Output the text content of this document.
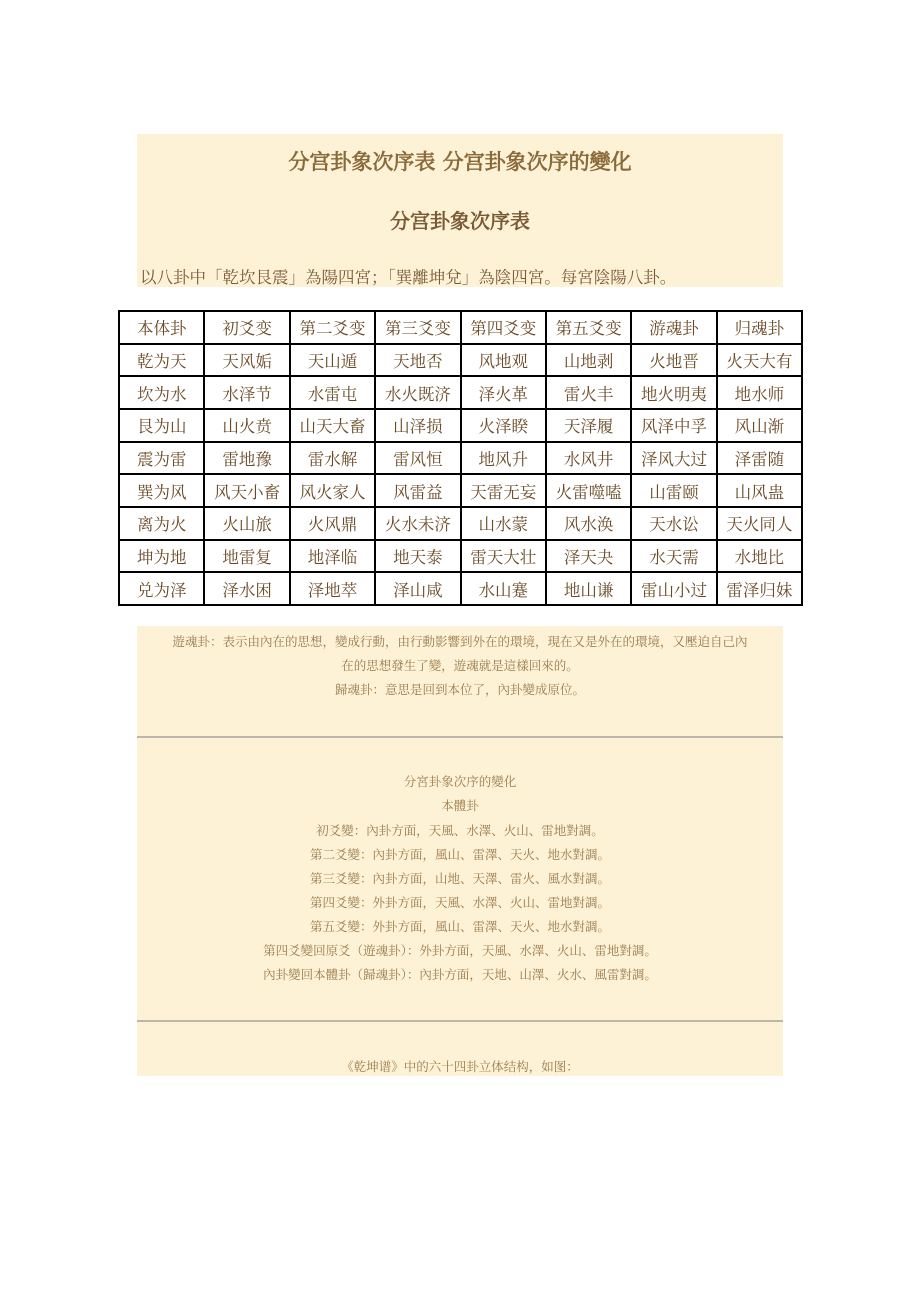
分宫卦象次序表 分宫卦象次序的變化
分宫卦象次序表

以八卦中「乾坎艮震」為陽四宮；「巽離坤兌」為陰四宮。每宮陰陽八卦。

本体卦	初爻变	第二爻变	第三爻变	第四爻变	第五爻变	游魂卦	归魂卦
乾为天	天风姤	天山遁	天地否	风地观	山地剥	火地晋	火天大有
坎为水	水泽节	水雷屯	水火既济	泽火革	雷火丰	地火明夷	地水师
艮为山	山火贲	山天大畜	山泽损	火泽睽	天泽履	风泽中孚	风山渐
震为雷	雷地豫	雷水解	雷风恒	地风升	水风井	泽风大过	泽雷随
巽为风	风天小畜	风火家人	风雷益	天雷无妄	火雷噬嗑	山雷颐	山风蛊
离为火	火山旅	火风鼎	火水未济	山水蒙	风水涣	天水讼	天火同人
坤为地	地雷复	地泽临	地天泰	雷天大壮	泽天夬	水天需	水地比
兑为泽	泽水困	泽地萃	泽山咸	水山蹇	地山谦	雷山小过	雷泽归妹

遊魂卦：表示由內在的思想，變成行動，由行動影響到外在的環境，現在又是外在的環境，又壓迫自己內

在的思想發生了變，遊魂就是這樣回來的。

歸魂卦：意思是回到本位了，內卦變成原位。

分宮卦象次序的變化

本體卦

初爻變：內卦方面，天風、水澤、火山、雷地對調。

第二爻變：內卦方面，風山、雷澤、天火、地水對調。

第三爻變：內卦方面，山地、天澤、雷火、風水對調。

第四爻變：外卦方面，天風、水澤、火山、雷地對調。

第五爻變：外卦方面，風山、雷澤、天火、地水對調。

第四爻變回原爻（遊魂卦）：外卦方面，天風、水澤、火山、雷地對調。

內卦變回本體卦（歸魂卦）：內卦方面，天地、山澤、火水、風雷對調。

《乾坤谱》中的六十四卦立体结构，如图：
